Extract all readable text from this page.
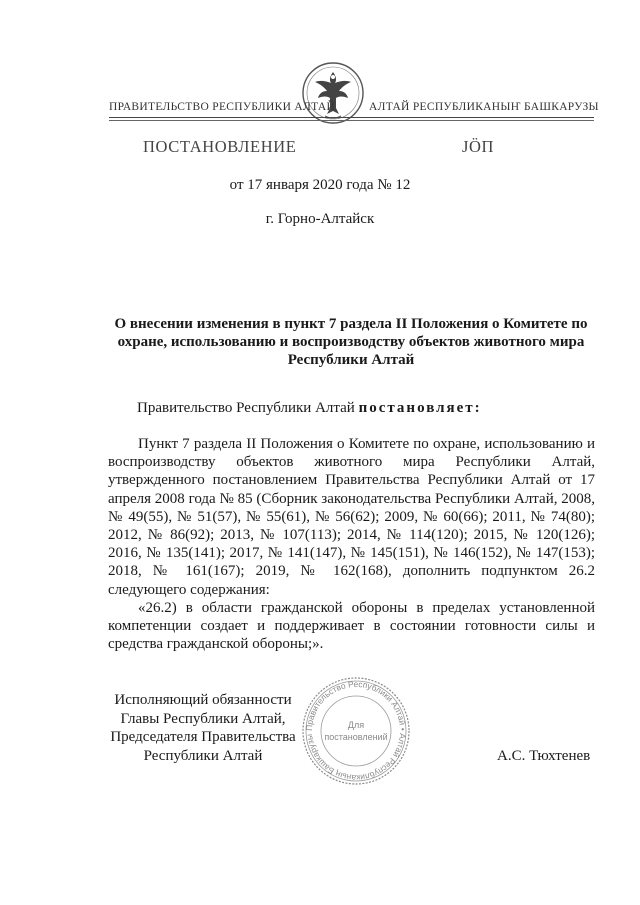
ПРАВИТЕЛЬСТВО РЕСПУБЛИКИ АЛТАЙ	АЛТАЙ РЕСПУБЛИКАНЫҤ БАШКАРУЗЫ
ПОСТАНОВЛЕНИЕ	JÖП
от 17 января 2020 года № 12
г. Горно-Алтайск
О внесении изменения в пункт 7 раздела II Положения о Комитете по охране, использованию и воспроизводству объектов животного мира Республики Алтай
Правительство Республики Алтай постановляет:

Пункт 7 раздела II Положения о Комитете по охране, использованию и воспроизводству объектов животного мира Республики Алтай, утвержденного постановлением Правительства Республики Алтай от 17 апреля 2008 года № 85 (Сборник законодательства Республики Алтай, 2008, № 49(55), № 51(57), № 55(61), № 56(62); 2009, № 60(66); 2011, № 74(80); 2012, № 86(92); 2013, № 107(113); 2014, № 114(120); 2015, № 120(126); 2016, № 135(141); 2017, № 141(147), № 145(151), № 146(152), № 147(153); 2018, № 161(167); 2019, № 162(168), дополнить подпунктом 26.2 следующего содержания:

«26.2) в области гражданской обороны в пределах установленной компетенции создает и поддерживает в состоянии готовности силы и средства гражданской обороны;».

Исполняющий обязанности
Главы Республики Алтай,
Председателя Правительства
Республики Алтай
Правительство Республики Алтай • Алтай Республиканың Башкарузы
Для
постановлений
А.С. Тюхтенев
